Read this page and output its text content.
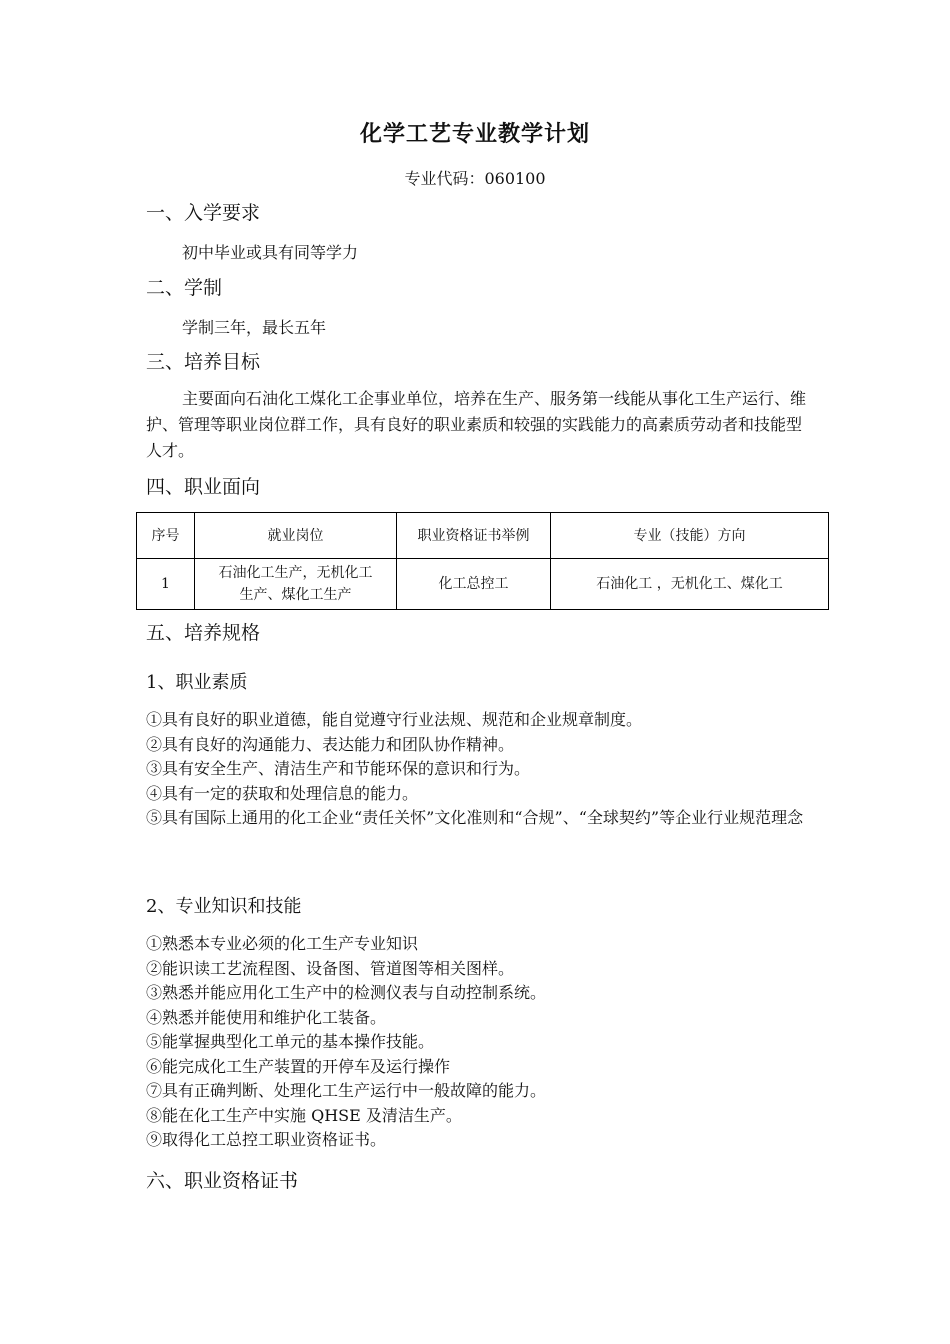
化学工艺专业教学计划
专业代码：060100
一、入学要求
初中毕业或具有同等学力
二、学制
学制三年，最长五年
三、培养目标
主要面向石油化工煤化工企事业单位，培养在生产、服务第一线能从事化工生产运行、维护、管理等职业岗位群工作，具有良好的职业素质和较强的实践能力的高素质劳动者和技能型人才。
四、职业面向
序号	就业岗位	职业资格证书举例	专业（技能）方向
1	石油化工生产，无机化工
生产、煤化工生产	化工总控工	石油化工 ，无机化工、煤化工
五、培养规格
1、职业素质
①具有良好的职业道德，能自觉遵守行业法规、规范和企业规章制度。
②具有良好的沟通能力、表达能力和团队协作精神。
③具有安全生产、清洁生产和节能环保的意识和行为。
④具有一定的获取和处理信息的能力。
⑤具有国际上通用的化工企业“责任关怀”文化准则和“合规”、“全球契约”等企业行业规范理念
2、专业知识和技能
①熟悉本专业必须的化工生产专业知识
②能识读工艺流程图、设备图、管道图等相关图样。
③熟悉并能应用化工生产中的检测仪表与自动控制系统。
④熟悉并能使用和维护化工装备。
⑤能掌握典型化工单元的基本操作技能。
⑥能完成化工生产装置的开停车及运行操作
⑦具有正确判断、处理化工生产运行中一般故障的能力。
⑧能在化工生产中实施 QHSE 及清洁生产。
⑨取得化工总控工职业资格证书。
六、职业资格证书
